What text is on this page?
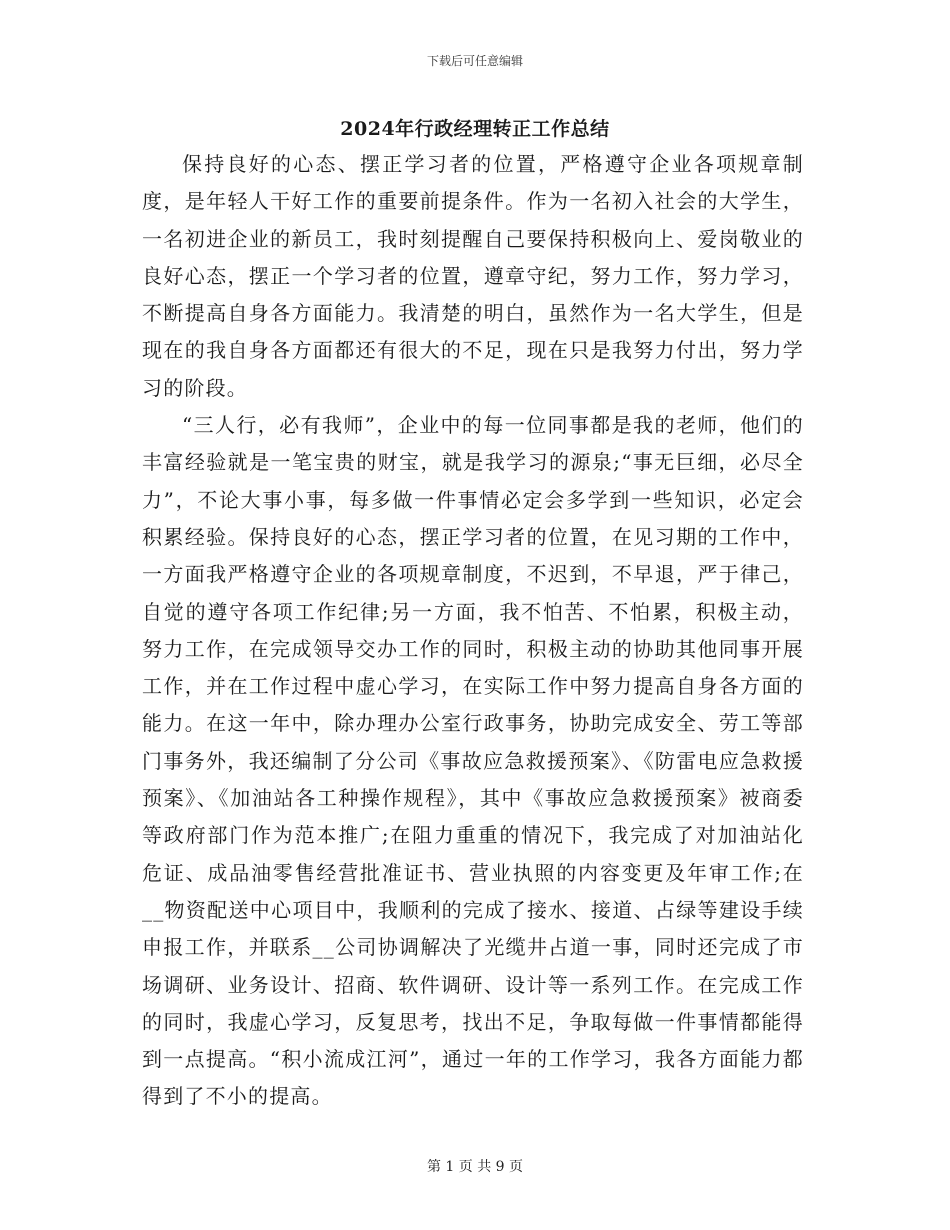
下载后可任意编辑
2024年行政经理转正工作总结

保持良好的心态、摆正学习者的位置，严格遵守企业各项规章制度，是年轻人干好工作的重要前提条件。作为一名初入社会的大学生，一名初进企业的新员工，我时刻提醒自己要保持积极向上、爱岗敬业的良好心态，摆正一个学习者的位置，遵章守纪，努力工作，努力学习，不断提高自身各方面能力。我清楚的明白，虽然作为一名大学生，但是现在的我自身各方面都还有很大的不足，现在只是我努力付出，努力学习的阶段。

“三人行，必有我师”，企业中的每一位同事都是我的老师，他们的丰富经验就是一笔宝贵的财宝，就是我学习的源泉;“事无巨细，必尽全力”，不论大事小事，每多做一件事情必定会多学到一些知识，必定会积累经验。保持良好的心态，摆正学习者的位置，在见习期的工作中，一方面我严格遵守企业的各项规章制度，不迟到，不早退，严于律己，自觉的遵守各项工作纪律;另一方面，我不怕苦、不怕累，积极主动，努力工作，在完成领导交办工作的同时，积极主动的协助其他同事开展工作，并在工作过程中虚心学习，在实际工作中努力提高自身各方面的能力。在这一年中，除办理办公室行政事务，协助完成安全、劳工等部门事务外，我还编制了分公司《事故应急救援预案》、《防雷电应急救援预案》、《加油站各工种操作规程》，其中《事故应急救援预案》被商委等政府部门作为范本推广;在阻力重重的情况下，我完成了对加油站化危证、成品油零售经营批准证书、营业执照的内容变更及年审工作;在__物资配送中心项目中，我顺利的完成了接水、接道、占绿等建设手续申报工作，并联系__公司协调解决了光缆井占道一事，同时还完成了市场调研、业务设计、招商、软件调研、设计等一系列工作。在完成工作的同时，我虚心学习，反复思考，找出不足，争取每做一件事情都能得到一点提高。“积小流成江河”，通过一年的工作学习，我各方面能力都得到了不小的提高。

第 1 页 共 9 页
